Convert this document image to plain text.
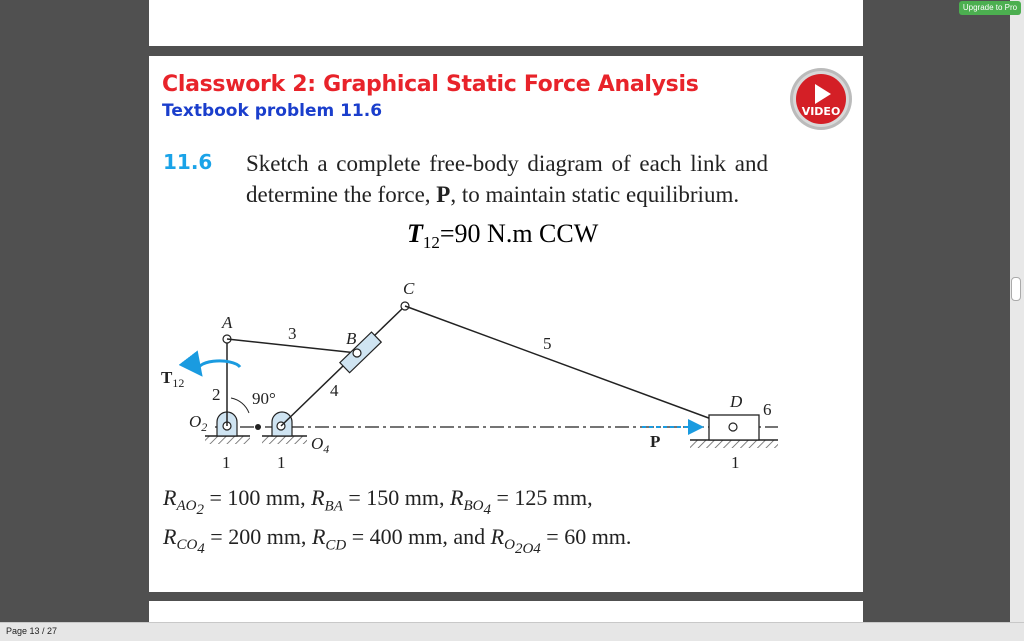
Classwork 2: Graphical Static Force Analysis
Textbook problem 11.6	VIDEO
11.6 Sketch a complete free-body diagram of each link and determine the force, P, to maintain static equilibrium.
$T_{12}=90$ N.m CCW
A
B
C
D
3
5
2	4
6
90°
1	1	1
$O_2$
$O_4$
$T_{12}$
P
$R_{AO_2} = 100$ mm, $R_{BA} = 150$ mm, $R_{BO_4} = 125$ mm,
$R_{CO_4} = 200$ mm, $R_{CD} = 400$ mm, and $R_{O_{2O4}} = 60$ mm.
Upgrade to Pro
Page 13 / 27
